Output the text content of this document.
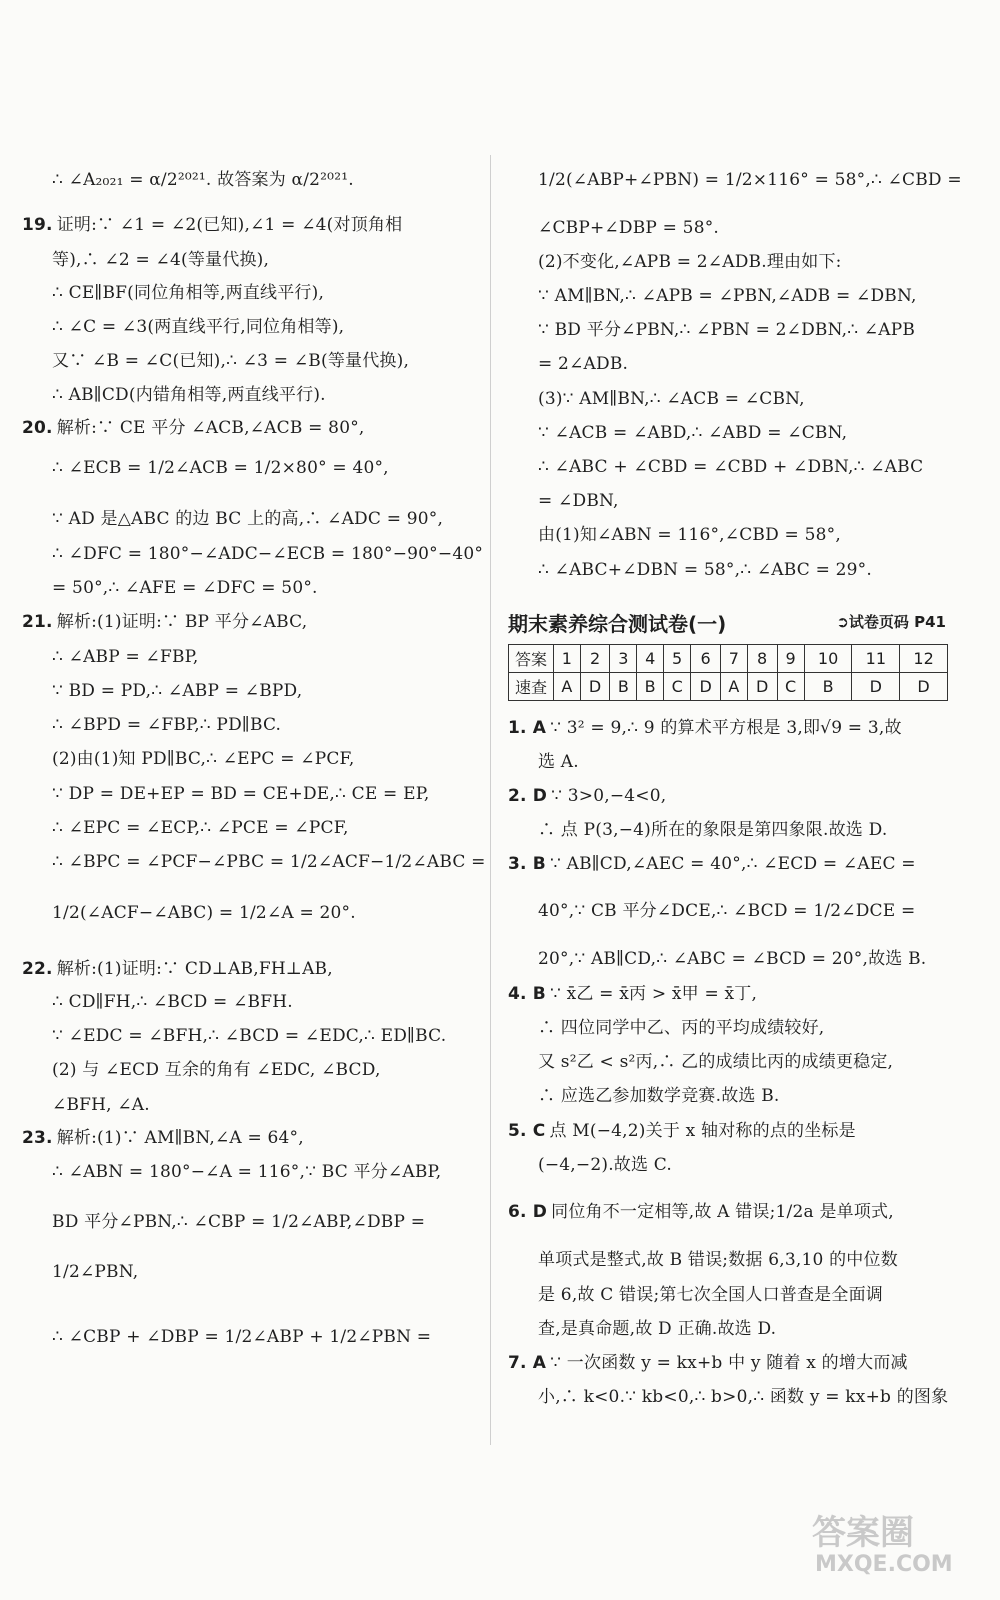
∴ ∠A₂₀₂₁ = α/2²⁰²¹. 故答案为 α/2²⁰²¹.
19. 证明:∵ ∠1 = ∠2(已知),∠1 = ∠4(对顶角相
等),∴ ∠2 = ∠4(等量代换),
∴ CE∥BF(同位角相等,两直线平行),
∴ ∠C = ∠3(两直线平行,同位角相等),
又∵ ∠B = ∠C(已知),∴ ∠3 = ∠B(等量代换),
∴ AB∥CD(内错角相等,两直线平行).
20. 解析:∵ CE 平分 ∠ACB,∠ACB = 80°,
∴ ∠ECB = 1/2∠ACB = 1/2×80° = 40°,
∵ AD 是△ABC 的边 BC 上的高,∴ ∠ADC = 90°,
∴ ∠DFC = 180°−∠ADC−∠ECB = 180°−90°−40°
= 50°,∴ ∠AFE = ∠DFC = 50°.
21. 解析:(1)证明:∵ BP 平分∠ABC,
∴ ∠ABP = ∠FBP,
∵ BD = PD,∴ ∠ABP = ∠BPD,
∴ ∠BPD = ∠FBP,∴ PD∥BC.
(2)由(1)知 PD∥BC,∴ ∠EPC = ∠PCF,
∵ DP = DE+EP = BD = CE+DE,∴ CE = EP,
∴ ∠EPC = ∠ECP,∴ ∠PCE = ∠PCF,
∴ ∠BPC = ∠PCF−∠PBC = 1/2∠ACF−1/2∠ABC =
1/2(∠ACF−∠ABC) = 1/2∠A = 20°.
22. 解析:(1)证明:∵ CD⊥AB,FH⊥AB,
∴ CD∥FH,∴ ∠BCD = ∠BFH.
∵ ∠EDC = ∠BFH,∴ ∠BCD = ∠EDC,∴ ED∥BC.
(2) 与 ∠ECD 互余的角有 ∠EDC, ∠BCD,
∠BFH, ∠A.
23. 解析:(1)∵ AM∥BN,∠A = 64°,
∴ ∠ABN = 180°−∠A = 116°,∵ BC 平分∠ABP,
BD 平分∠PBN,∴ ∠CBP = 1/2∠ABP,∠DBP =
1/2∠PBN,
∴ ∠CBP + ∠DBP = 1/2∠ABP + 1/2∠PBN =
1/2(∠ABP+∠PBN) = 1/2×116° = 58°,∴ ∠CBD =
∠CBP+∠DBP = 58°.
(2)不变化,∠APB = 2∠ADB.理由如下:
∵ AM∥BN,∴ ∠APB = ∠PBN,∠ADB = ∠DBN,
∵ BD 平分∠PBN,∴ ∠PBN = 2∠DBN,∴ ∠APB
= 2∠ADB.
(3)∵ AM∥BN,∴ ∠ACB = ∠CBN,
∵ ∠ACB = ∠ABD,∴ ∠ABD = ∠CBN,
∴ ∠ABC + ∠CBD = ∠CBD + ∠DBN,∴ ∠ABC
= ∠DBN,
由(1)知∠ABN = 116°,∠CBD = 58°,
∴ ∠ABC+∠DBN = 58°,∴ ∠ABC = 29°.
期末素养综合测试卷(一)	➲试卷页码 P41
答案	1	2	3	4	5	6	7	8	9	10	11	12
速查	A	D	B	B	C	D	A	D	C	B	D	D
1. A ∵ 3² = 9,∴ 9 的算术平方根是 3,即√9 = 3,故
选 A.
2. D ∵ 3>0,−4<0,
∴ 点 P(3,−4)所在的象限是第四象限.故选 D.
3. B ∵ AB∥CD,∠AEC = 40°,∴ ∠ECD = ∠AEC =
40°,∵ CB 平分∠DCE,∴ ∠BCD = 1/2∠DCE =
20°,∵ AB∥CD,∴ ∠ABC = ∠BCD = 20°,故选 B.
4. B ∵ x̄乙 = x̄丙 > x̄甲 = x̄丁,
∴ 四位同学中乙、丙的平均成绩较好,
又 s²乙 < s²丙,∴ 乙的成绩比丙的成绩更稳定,
∴ 应选乙参加数学竞赛.故选 B.
5. C 点 M(−4,2)关于 x 轴对称的点的坐标是
(−4,−2).故选 C.
6. D 同位角不一定相等,故 A 错误;1/2a 是单项式,
单项式是整式,故 B 错误;数据 6,3,10 的中位数
是 6,故 C 错误;第七次全国人口普查是全面调
查,是真命题,故 D 正确.故选 D.
7. A ∵ 一次函数 y = kx+b 中 y 随着 x 的增大而减
小,∴ k<0.∵ kb<0,∴ b>0,∴ 函数 y = kx+b 的图象
答案圈
MXQE.COM
